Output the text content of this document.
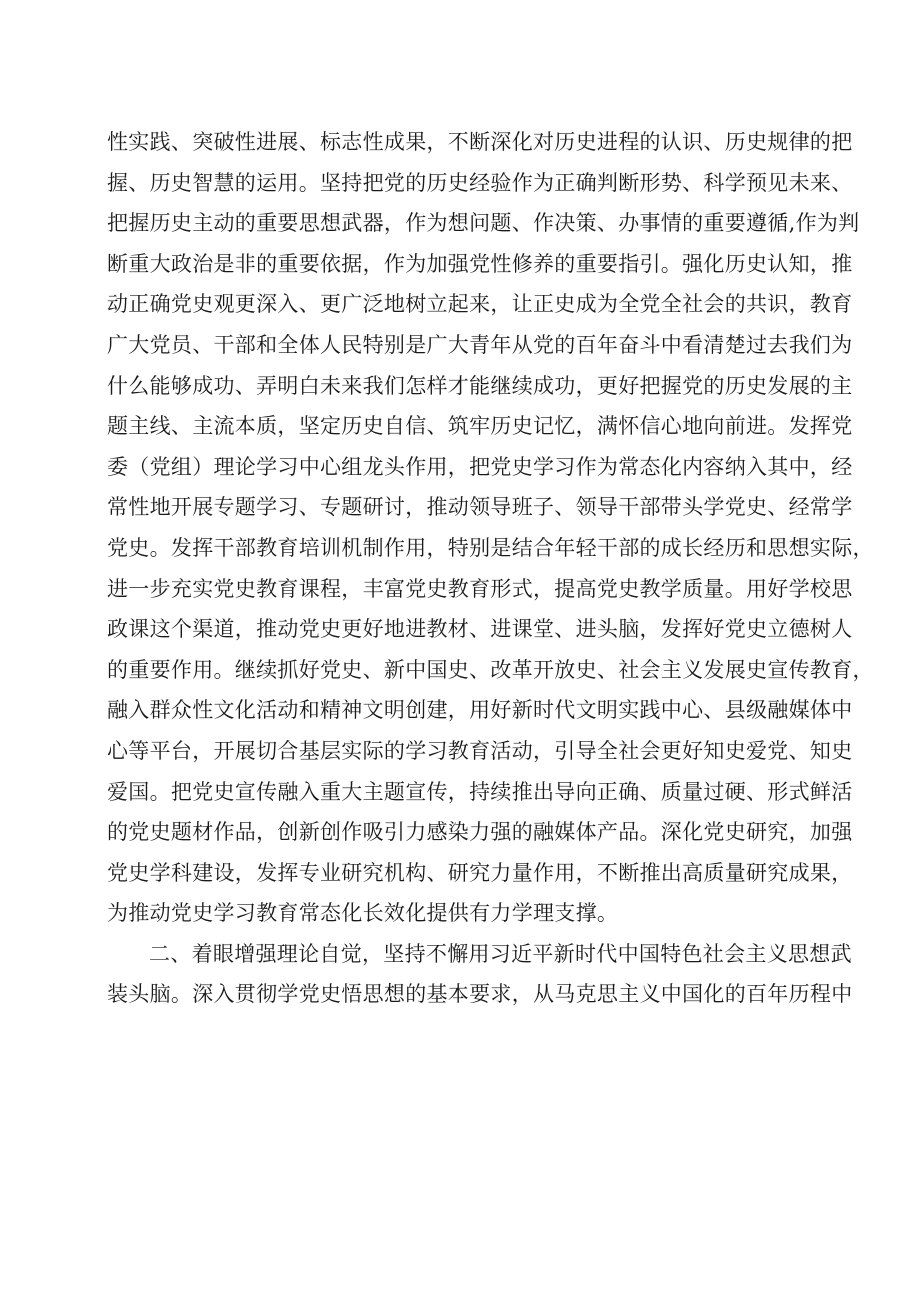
性实践、突破性进展、标志性成果，不断深化对历史进程的认识、历史规律的把
握、历史智慧的运用。坚持把党的历史经验作为正确判断形势、科学预见未来、
把握历史主动的重要思想武器，作为想问题、作决策、办事情的重要遵循,作为判
断重大政治是非的重要依据，作为加强党性修养的重要指引。强化历史认知，推
动正确党史观更深入、更广泛地树立起来，让正史成为全党全社会的共识，教育
广大党员、干部和全体人民特别是广大青年从党的百年奋斗中看清楚过去我们为
什么能够成功、弄明白未来我们怎样才能继续成功，更好把握党的历史发展的主
题主线、主流本质，坚定历史自信、筑牢历史记忆，满怀信心地向前进。发挥党
委（党组）理论学习中心组龙头作用，把党史学习作为常态化内容纳入其中，经
常性地开展专题学习、专题研讨，推动领导班子、领导干部带头学党史、经常学
党史。发挥干部教育培训机制作用，特别是结合年轻干部的成长经历和思想实际，
进一步充实党史教育课程，丰富党史教育形式，提高党史教学质量。用好学校思
政课这个渠道，推动党史更好地进教材、进课堂、进头脑，发挥好党史立德树人
的重要作用。继续抓好党史、新中国史、改革开放史、社会主义发展史宣传教育，
融入群众性文化活动和精神文明创建，用好新时代文明实践中心、县级融媒体中
心等平台，开展切合基层实际的学习教育活动，引导全社会更好知史爱党、知史
爱国。把党史宣传融入重大主题宣传，持续推出导向正确、质量过硬、形式鲜活
的党史题材作品，创新创作吸引力感染力强的融媒体产品。深化党史研究，加强
党史学科建设，发挥专业研究机构、研究力量作用，不断推出高质量研究成果，
为推动党史学习教育常态化长效化提供有力学理支撑。
二、着眼增强理论自觉，坚持不懈用习近平新时代中国特色社会主义思想武
装头脑。深入贯彻学党史悟思想的基本要求，从马克思主义中国化的百年历程中
